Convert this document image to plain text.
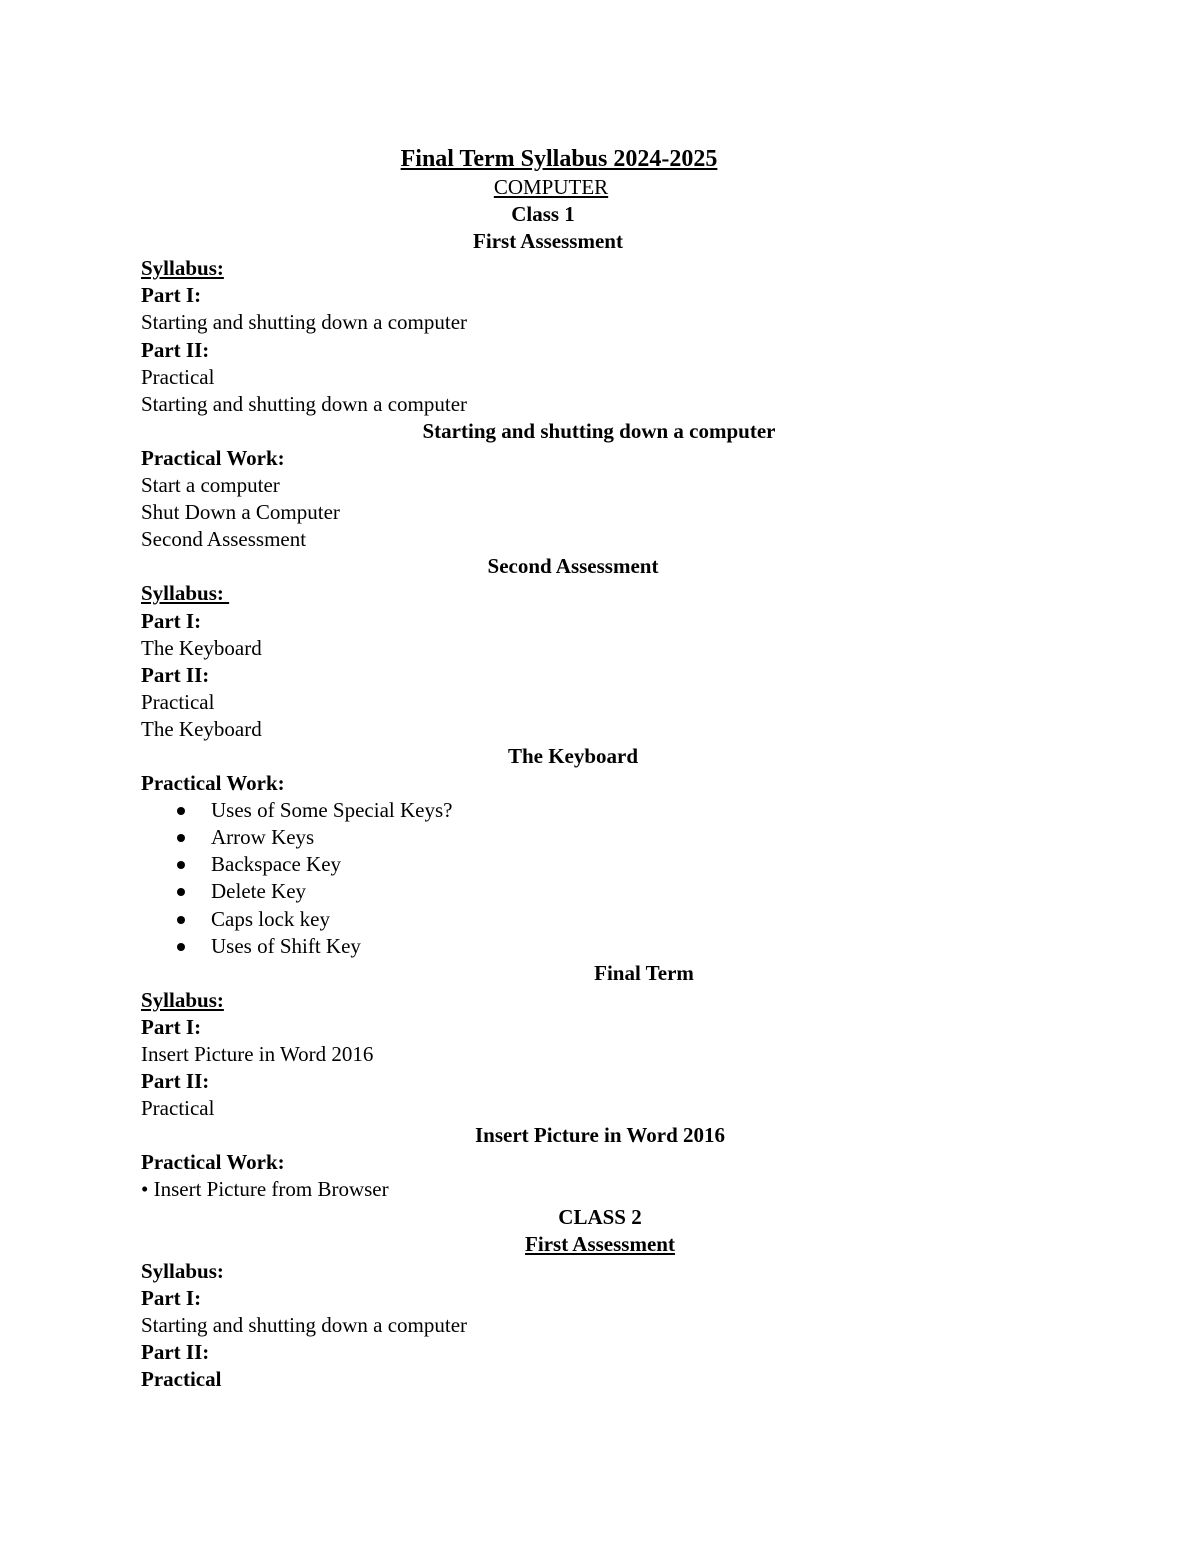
Final Term Syllabus 2024-2025
COMPUTER
Class 1
First Assessment
Syllabus:
Part I:
Starting and shutting down a computer
Part II:
Practical
Starting and shutting down a computer
Starting and shutting down a computer
Practical Work:
Start a computer
Shut Down a Computer
Second Assessment
Second Assessment
Syllabus:
Part I:
The Keyboard
Part II:
Practical
The Keyboard
The Keyboard
Practical Work:
Uses of Some Special Keys?
Arrow Keys
Backspace Key
Delete Key
Caps lock key
Uses of Shift Key
Final Term
Syllabus:
Part I:
Insert Picture in Word 2016
Part II:
Practical
Insert Picture in Word 2016
Practical Work:
• Insert Picture from Browser
CLASS 2
First Assessment
Syllabus:
Part I:
Starting and shutting down a computer
Part II:
Practical
